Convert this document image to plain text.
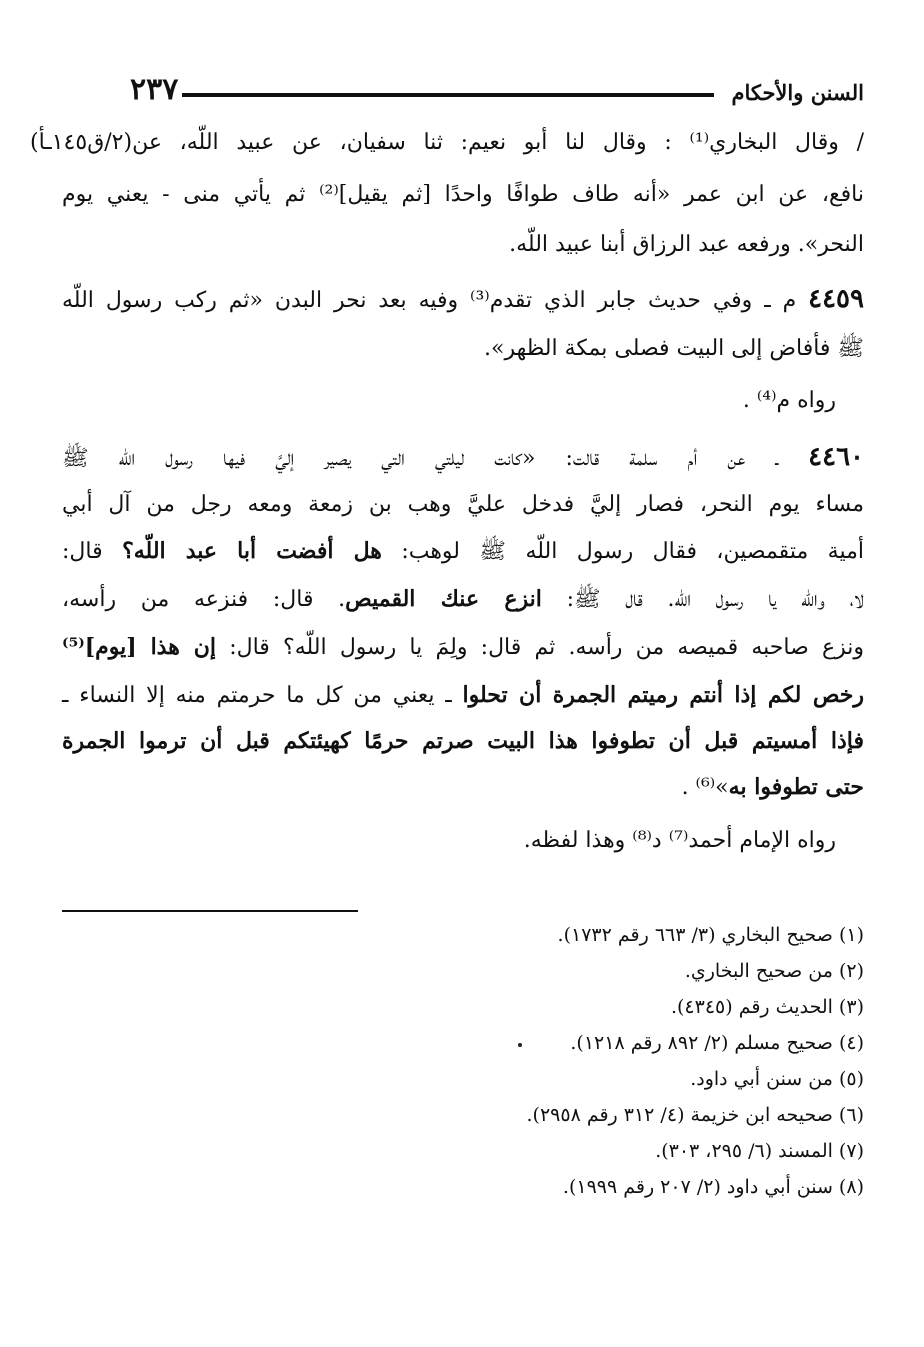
السنن والأحكام
٢٣٧
/ وقال البخاري⁽¹⁾ : وقال لنا أبو نعيم: ثنا سفيان، عن عبيد اللّه، عن(٢/ق١٤٥ـأ)
نافع، عن ابن عمر «أنه طاف طوافًا واحدًا [ثم يقيل]⁽²⁾ ثم يأتي منى - يعني يوم
النحر». ورفعه عبد الرزاق أبنا عبيد اللّه.
٤٤٥٩ م ـ وفي حديث جابر الذي تقدم⁽³⁾ وفيه بعد نحر البدن «ثم ركب رسول اللّه
ﷺ فأفاض إلى البيت فصلى بمكة الظهر».
رواه م⁽⁴⁾ .
٤٤٦٠ ـ عن أم سلمة قالت: «كانت ليلتي التي يصير إليَّ فيها رسول اللّه ﷺ
مساء يوم النحر، فصار إليَّ فدخل عليَّ وهب بن زمعة ومعه رجل من آل أبي
أمية متقمصين، فقال رسول اللّه ﷺ لوهب: هل أفضت أبا عبد اللّه؟ قال:
لا، واللّه يا رسول اللّه. قال ﷺ: انزع عنك القميص. قال: فنزعه من رأسه،
ونزع صاحبه قميصه من رأسه. ثم قال: ولِمَ يا رسول اللّه؟ قال: إن هذا [يوم]⁽⁵⁾
رخص لكم إذا أنتم رميتم الجمرة أن تحلوا ـ يعني من كل ما حرمتم منه إلا النساء ـ
فإذا أمسيتم قبل أن تطوفوا هذا البيت صرتم حرمًا كهيئتكم قبل أن ترموا الجمرة
حتى تطوفوا به»⁽⁶⁾ .
رواه الإمام أحمد⁽⁷⁾ د⁽⁸⁾ وهذا لفظه.
(١) صحيح البخاري (٣/ ٦٦٣ رقم ١٧٣٢).
(٢) من صحيح البخاري.
(٣) الحديث رقم (٤٣٤٥).
(٤) صحيح مسلم (٢/ ٨٩٢ رقم ١٢١٨).
(٥) من سنن أبي داود.
(٦) صحيحه ابن خزيمة (٤/ ٣١٢ رقم ٢٩٥٨).
(٧) المسند (٦/ ٢٩٥، ٣٠٣).
(٨) سنن أبي داود (٢/ ٢٠٧ رقم ١٩٩٩).
